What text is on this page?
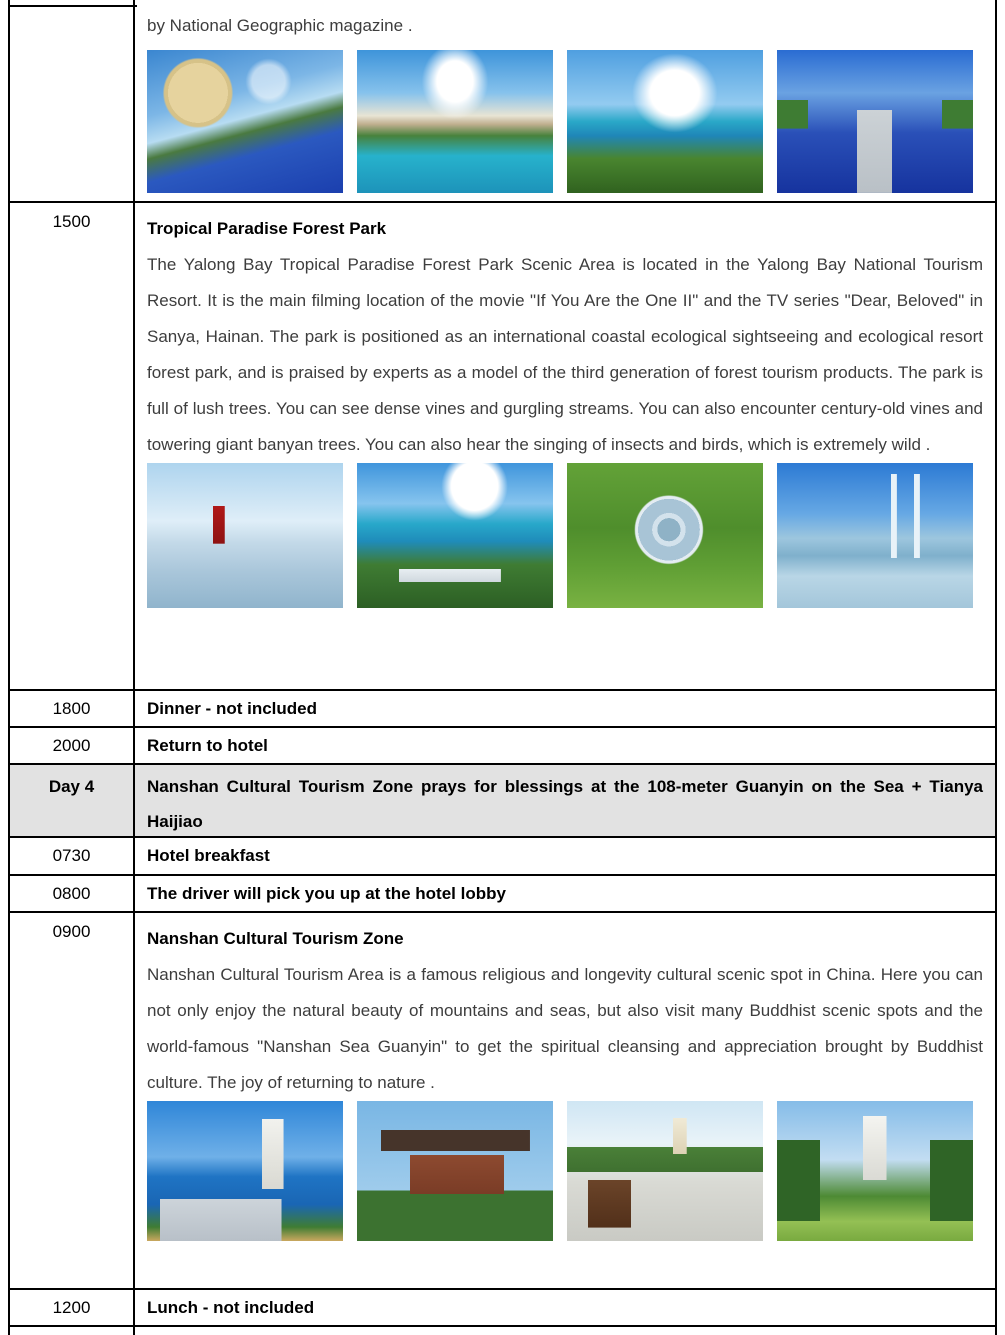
by National Geographic magazine .
1500	Tropical Paradise Forest Park
The Yalong Bay Tropical Paradise Forest Park Scenic Area is located in the Yalong Bay National Tourism Resort. It is the main filming location of the movie "If You Are the One II" and the TV series "Dear, Beloved" in Sanya, Hainan. The park is positioned as an international coastal ecological sightseeing and ecological resort forest park, and is praised by experts as a model of the third generation of forest tourism products. The park is full of lush trees. You can see dense vines and gurgling streams. You can also encounter century-old vines and towering giant banyan trees. You can also hear the singing of insects and birds, which is extremely wild .
1800	Dinner - not included
2000	Return to hotel
Day 4	Nanshan Cultural Tourism Zone prays for blessings at the 108-meter Guanyin on the Sea + Tianya Haijiao
0730	Hotel breakfast
0800	The driver will pick you up at the hotel lobby
0900	Nanshan Cultural Tourism Zone
Nanshan Cultural Tourism Area is a famous religious and longevity cultural scenic spot in China. Here you can not only enjoy the natural beauty of mountains and seas, but also visit many Buddhist scenic spots and the world-famous "Nanshan Sea Guanyin" to get the spiritual cleansing and appreciation brought by Buddhist culture. The joy of returning to nature .
1200	Lunch - not included
